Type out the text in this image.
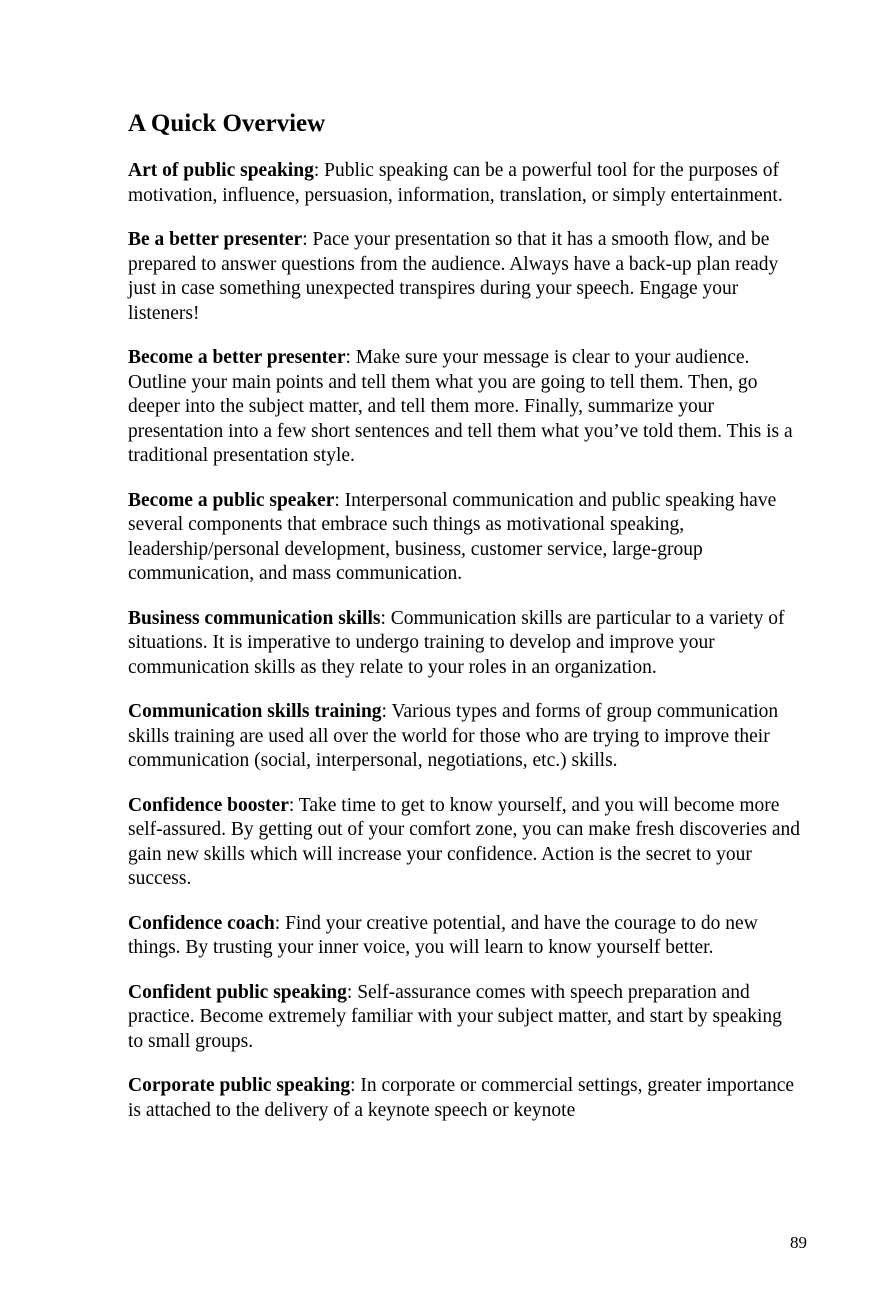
A Quick Overview

Art of public speaking: Public speaking can be a powerful tool for the purposes of motivation, influence, persuasion, information, translation, or simply entertainment.

Be a better presenter: Pace your presentation so that it has a smooth flow, and be prepared to answer questions from the audience. Always have a back-up plan ready just in case something unexpected transpires during your speech. Engage your listeners!

Become a better presenter: Make sure your message is clear to your audience. Outline your main points and tell them what you are going to tell them. Then, go deeper into the subject matter, and tell them more. Finally, summarize your presentation into a few short sentences and tell them what you’ve told them. This is a traditional presentation style.

Become a public speaker: Interpersonal communication and public speaking have several components that embrace such things as motivational speaking, leadership/personal development, business, customer service, large-group communication, and mass communication.

Business communication skills: Communication skills are particular to a variety of situations. It is imperative to undergo training to develop and improve your communication skills as they relate to your roles in an organization.

Communication skills training: Various types and forms of group communication skills training are used all over the world for those who are trying to improve their communication (social, interpersonal, negotiations, etc.) skills.

Confidence booster: Take time to get to know yourself, and you will become more self-assured. By getting out of your comfort zone, you can make fresh discoveries and gain new skills which will increase your confidence. Action is the secret to your success.

Confidence coach: Find your creative potential, and have the courage to do new things. By trusting your inner voice, you will learn to know yourself better.

Confident public speaking: Self-assurance comes with speech preparation and practice. Become extremely familiar with your subject matter, and start by speaking to small groups.

Corporate public speaking: In corporate or commercial settings, greater importance is attached to the delivery of a keynote speech or keynote

89
